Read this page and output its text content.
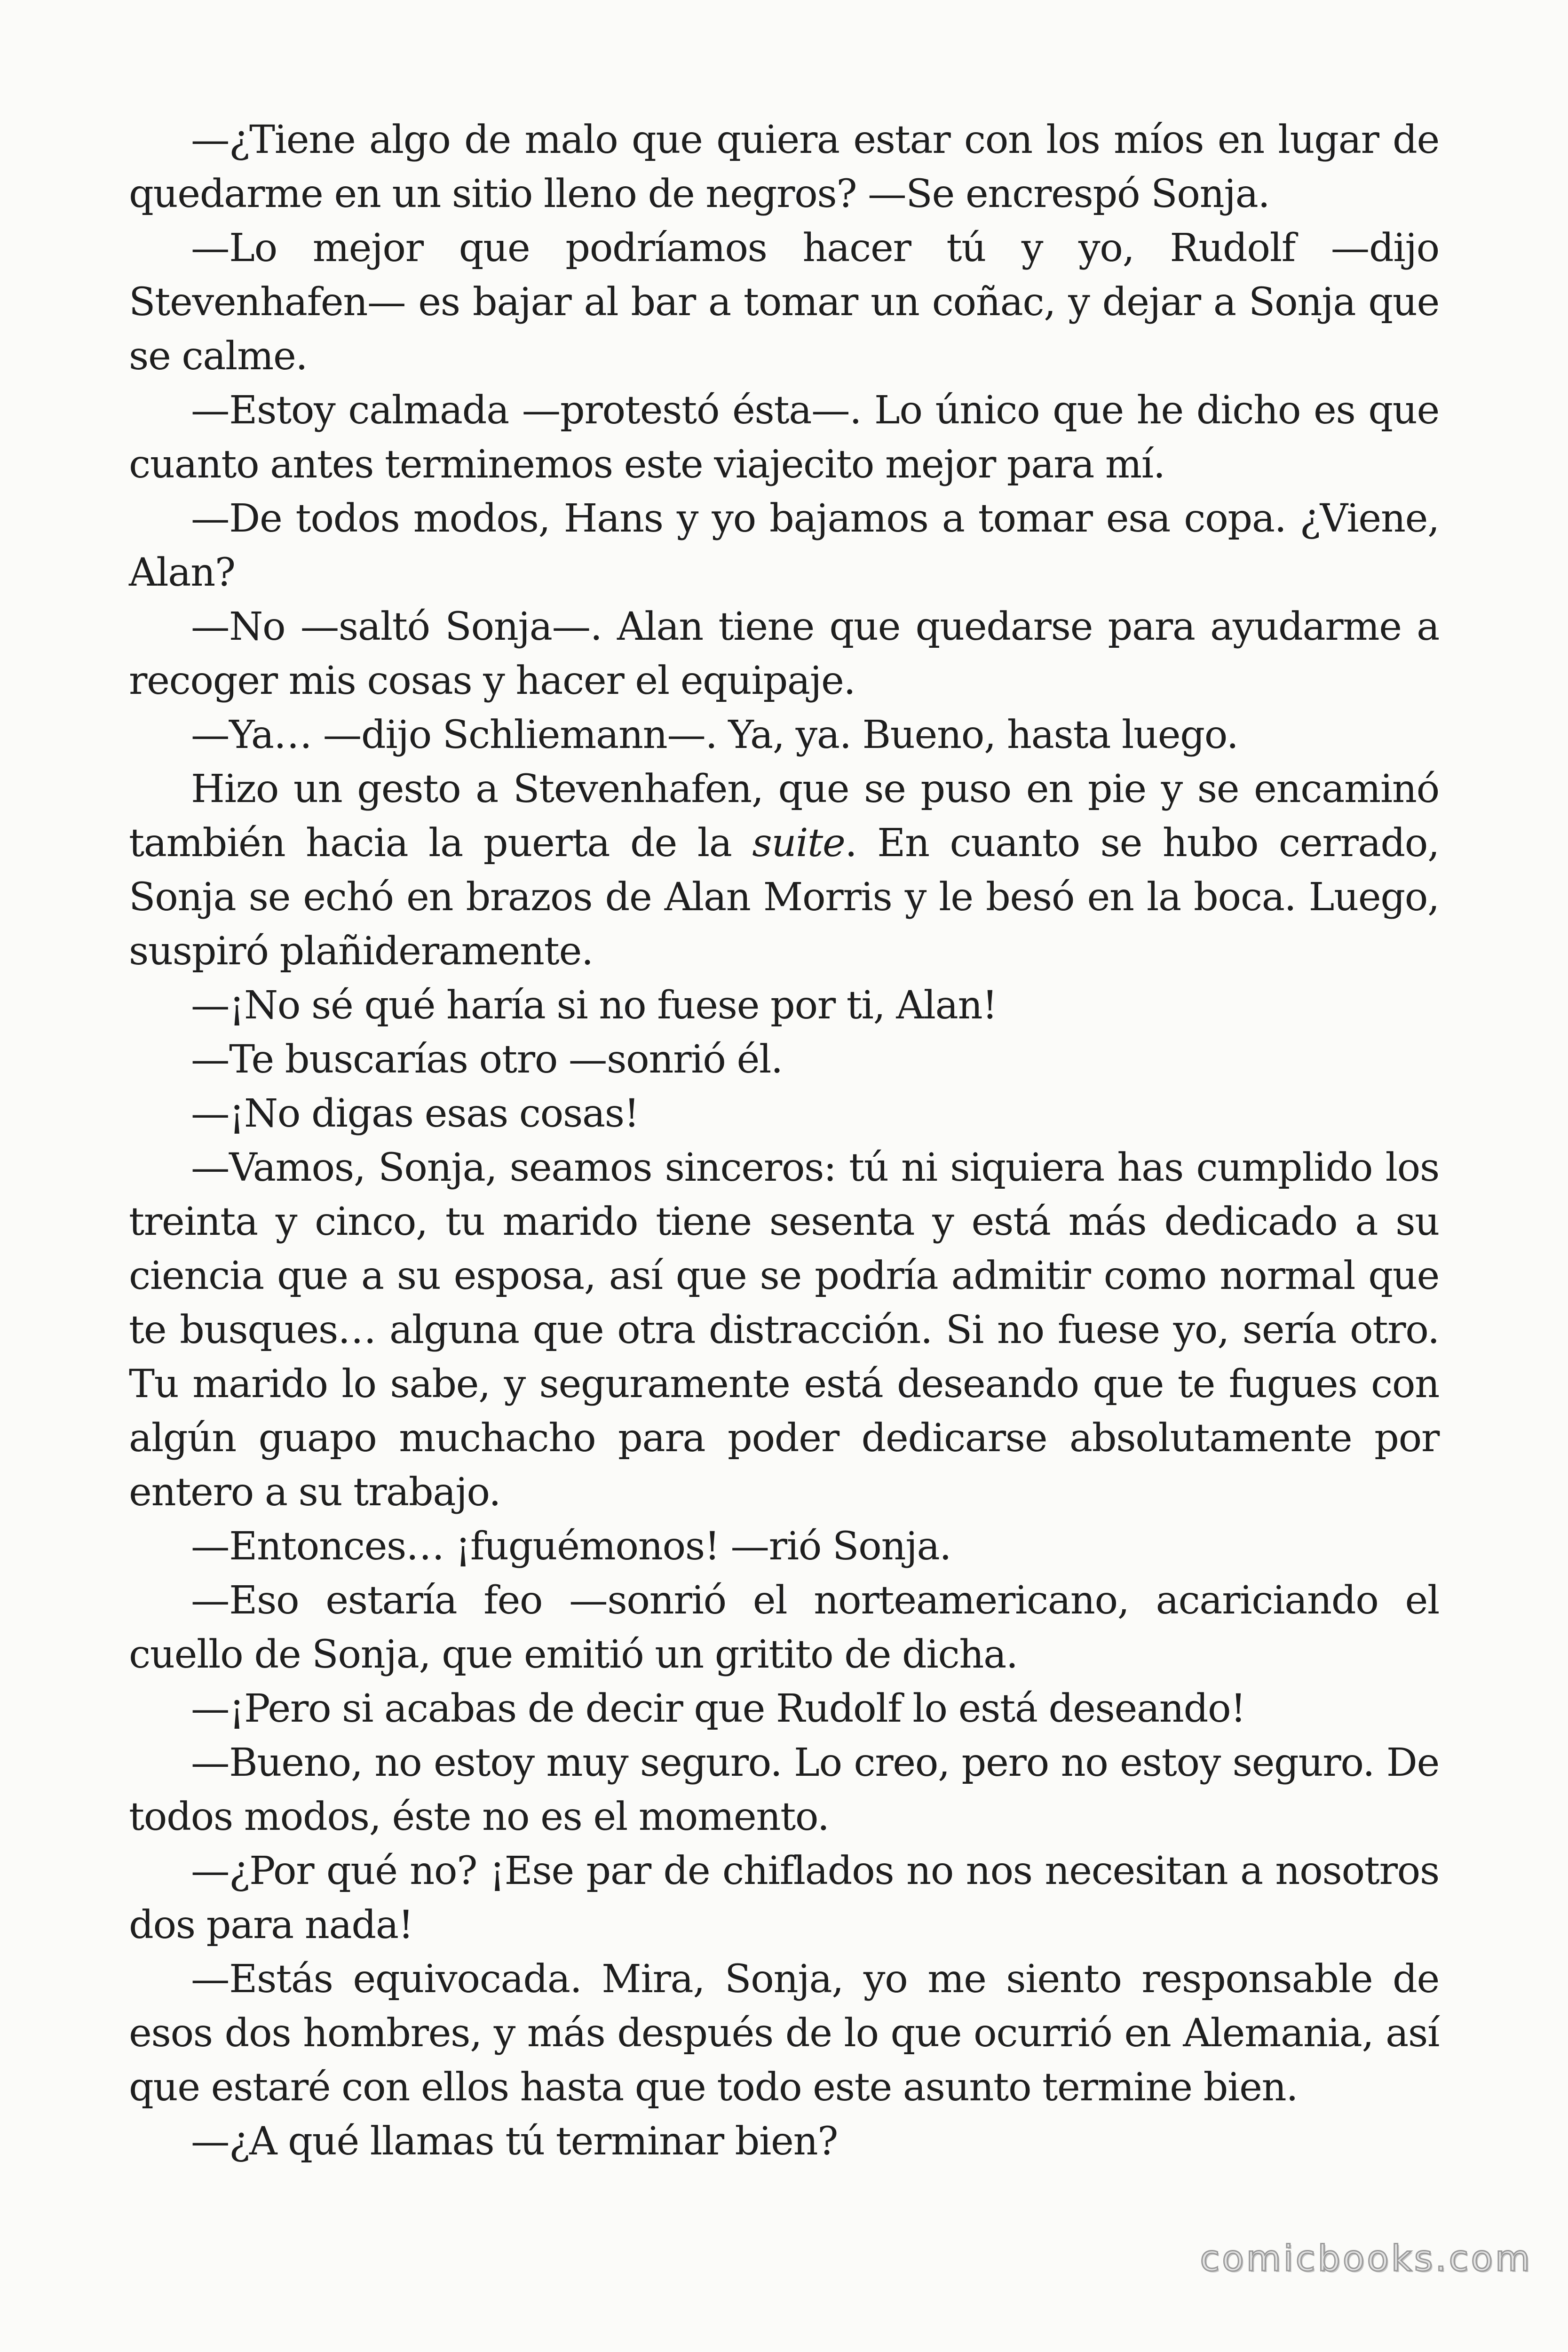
—¿Tiene algo de malo que quiera estar con los míos en lugar de quedarme en un sitio lleno de negros? —Se encrespó Sonja.

—Lo mejor que podríamos hacer tú y yo, Rudolf —dijo Stevenhafen— es bajar al bar a tomar un coñac, y dejar a Sonja que se calme.

—Estoy calmada —protestó ésta—. Lo único que he dicho es que cuanto antes terminemos este viajecito mejor para mí.

—De todos modos, Hans y yo bajamos a tomar esa copa. ¿Viene, Alan?

—No —saltó Sonja—. Alan tiene que quedarse para ayudarme a recoger mis cosas y hacer el equipaje.

—Ya… —dijo Schliemann—. Ya, ya. Bueno, hasta luego.

Hizo un gesto a Stevenhafen, que se puso en pie y se encaminó también hacia la puerta de la suite. En cuanto se hubo cerrado, Sonja se echó en brazos de Alan Morris y le besó en la boca. Luego, suspiró plañideramente.

—¡No sé qué haría si no fuese por ti, Alan!

—Te buscarías otro —sonrió él.

—¡No digas esas cosas!

—Vamos, Sonja, seamos sinceros: tú ni siquiera has cumplido los treinta y cinco, tu marido tiene sesenta y está más dedicado a su ciencia que a su esposa, así que se podría admitir como normal que te busques… alguna que otra distracción. Si no fuese yo, sería otro. Tu marido lo sabe, y seguramente está deseando que te fugues con algún guapo muchacho para poder dedicarse absolutamente por entero a su trabajo.

—Entonces… ¡fuguémonos! —rió Sonja.

—Eso estaría feo —sonrió el norteamericano, acariciando el cuello de Sonja, que emitió un gritito de dicha.

—¡Pero si acabas de decir que Rudolf lo está deseando!

—Bueno, no estoy muy seguro. Lo creo, pero no estoy seguro. De todos modos, éste no es el momento.

—¿Por qué no? ¡Ese par de chiflados no nos necesitan a nosotros dos para nada!

—Estás equivocada. Mira, Sonja, yo me siento responsable de esos dos hombres, y más después de lo que ocurrió en Alemania, así que estaré con ellos hasta que todo este asunto termine bien.

—¿A qué llamas tú terminar bien?

comicbooks.com
